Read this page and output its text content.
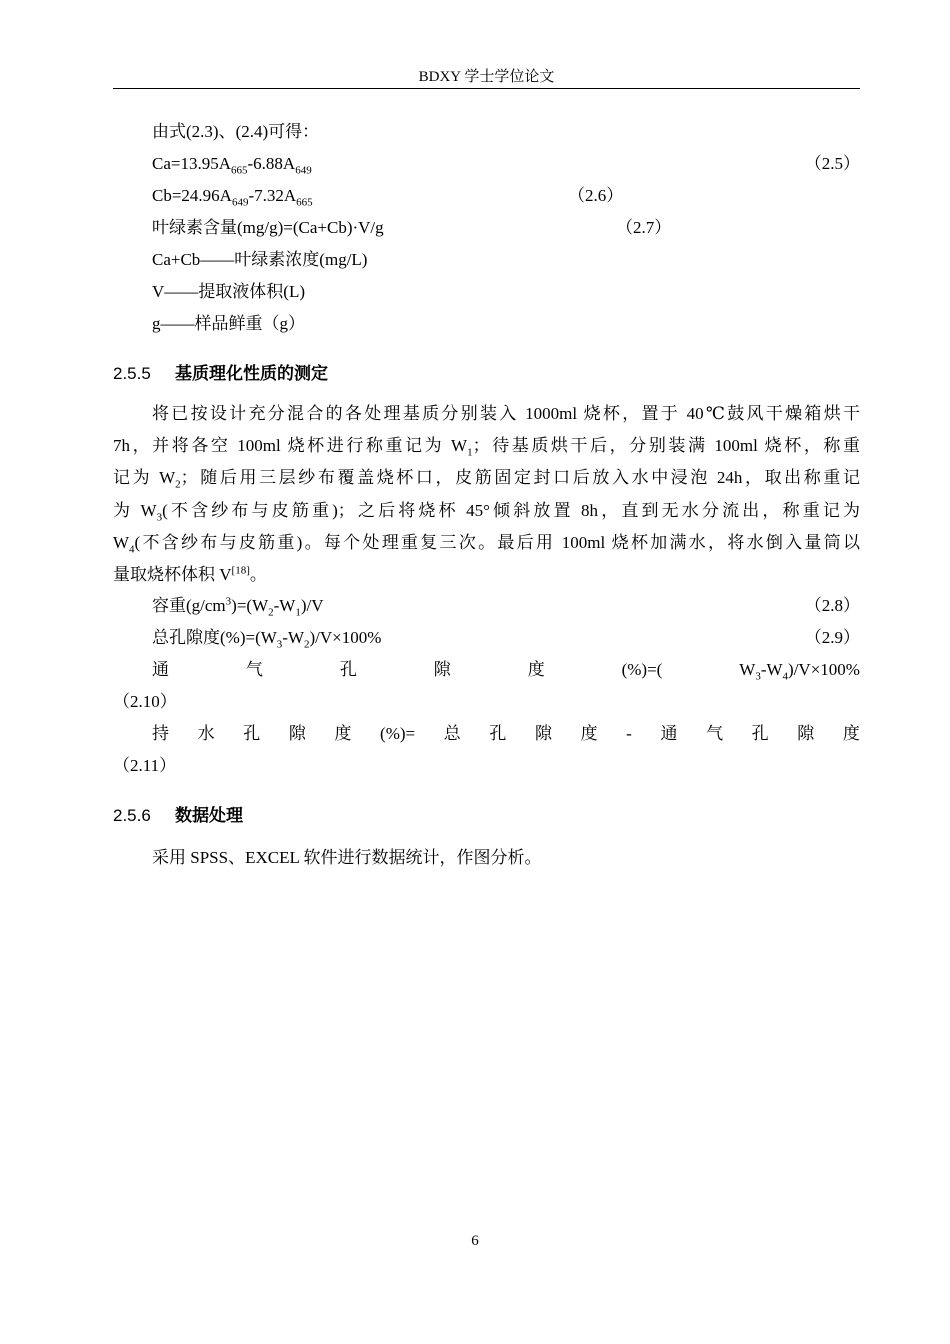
BDXY 学士学位论文
由式(2.3)、(2.4)可得：
$Ca=13.95A_{665}-6.88A_{649}$	（2.5）
$Cb=24.96A_{649}-7.32A_{665}$	（2.6）
叶绿素含量(mg/g)=(Ca+Cb)·V/g	（2.7）
Ca+Cb——叶绿素浓度(mg/L)
V——提取液体积(L)
g——样品鲜重（g）
2.5.5 基质理化性质的测定
将已按设计充分混合的各处理基质分别装入 1000ml 烧杯，置于 40℃鼓风干燥箱烘干
7h，并将各空 100ml 烧杯进行称重记为 $W_1$；待基质烘干后，分别装满 100ml 烧杯，称重
记为 $W_2$；随后用三层纱布覆盖烧杯口，皮筋固定封口后放入水中浸泡 24h，取出称重记
为 $W_3$(不含纱布与皮筋重)；之后将烧杯 45°倾斜放置 8h，直到无水分流出，称重记为
$W_4$(不含纱布与皮筋重)。每个处理重复三次。最后用 100ml 烧杯加满水，将水倒入量筒以
量取烧杯体积 V[18]。
容重$(g/cm^3)=(W_2-W_1)/V$	（2.8）
总孔隙度$(\%)=(W_3-W_2)/V\times 100\%$	（2.9）
通	气	孔	隙	度	(%)=(	$W_3-W_4)/V\times 100\%$
（2.10）
持 水 孔 隙 度 (%)= 总 孔 隙 度 - 通 气 孔 隙 度
（2.11）
2.5.6 数据处理
采用 SPSS、EXCEL 软件进行数据统计，作图分析。
6
